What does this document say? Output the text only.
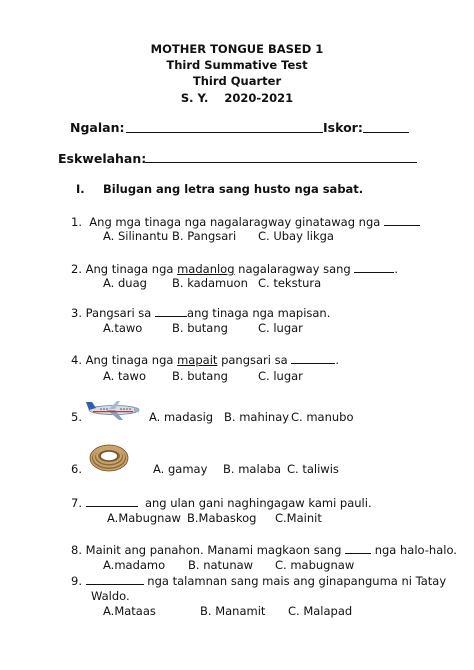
MOTHER TONGUE BASED 1
Third Summative Test
Third Quarter
S. Y. 2020-2021
Ngalan:	Iskor:
Eskwelahan:
I. Bilugan ang letra sang husto nga sabat.
1. Ang mga tinaga nga nagalaragway ginatawag nga
A. Silinantu B. Pangsari C. Ubay likga
2. Ang tinaga nga madanlog nagalaragway sang	.
A. duag B. kadamuon C. tekstura
3. Pangsari sa	ang tinaga nga mapisan.
A.tawo	B. butang	C. lugar
4. Ang tinaga nga mapait pangsari sa	.
A. tawo B. butang	C. lugar
5.	A. madasig B. mahinay C. manubo
6.	A. gamay B. malaba C. taliwis
7.	ang ulan gani naghingagaw kami pauli.
A.Mabugnaw B.Mabaskog C.Mainit
8. Mainit ang panahon. Manami magkaon sang	nga halo-halo.
A.madamo B. natunaw C. mabugnaw
9.	nga talamnan sang mais ang ginapanguma ni Tatay
Waldo.
A.Mataas	B. Manamit C. Malapad
